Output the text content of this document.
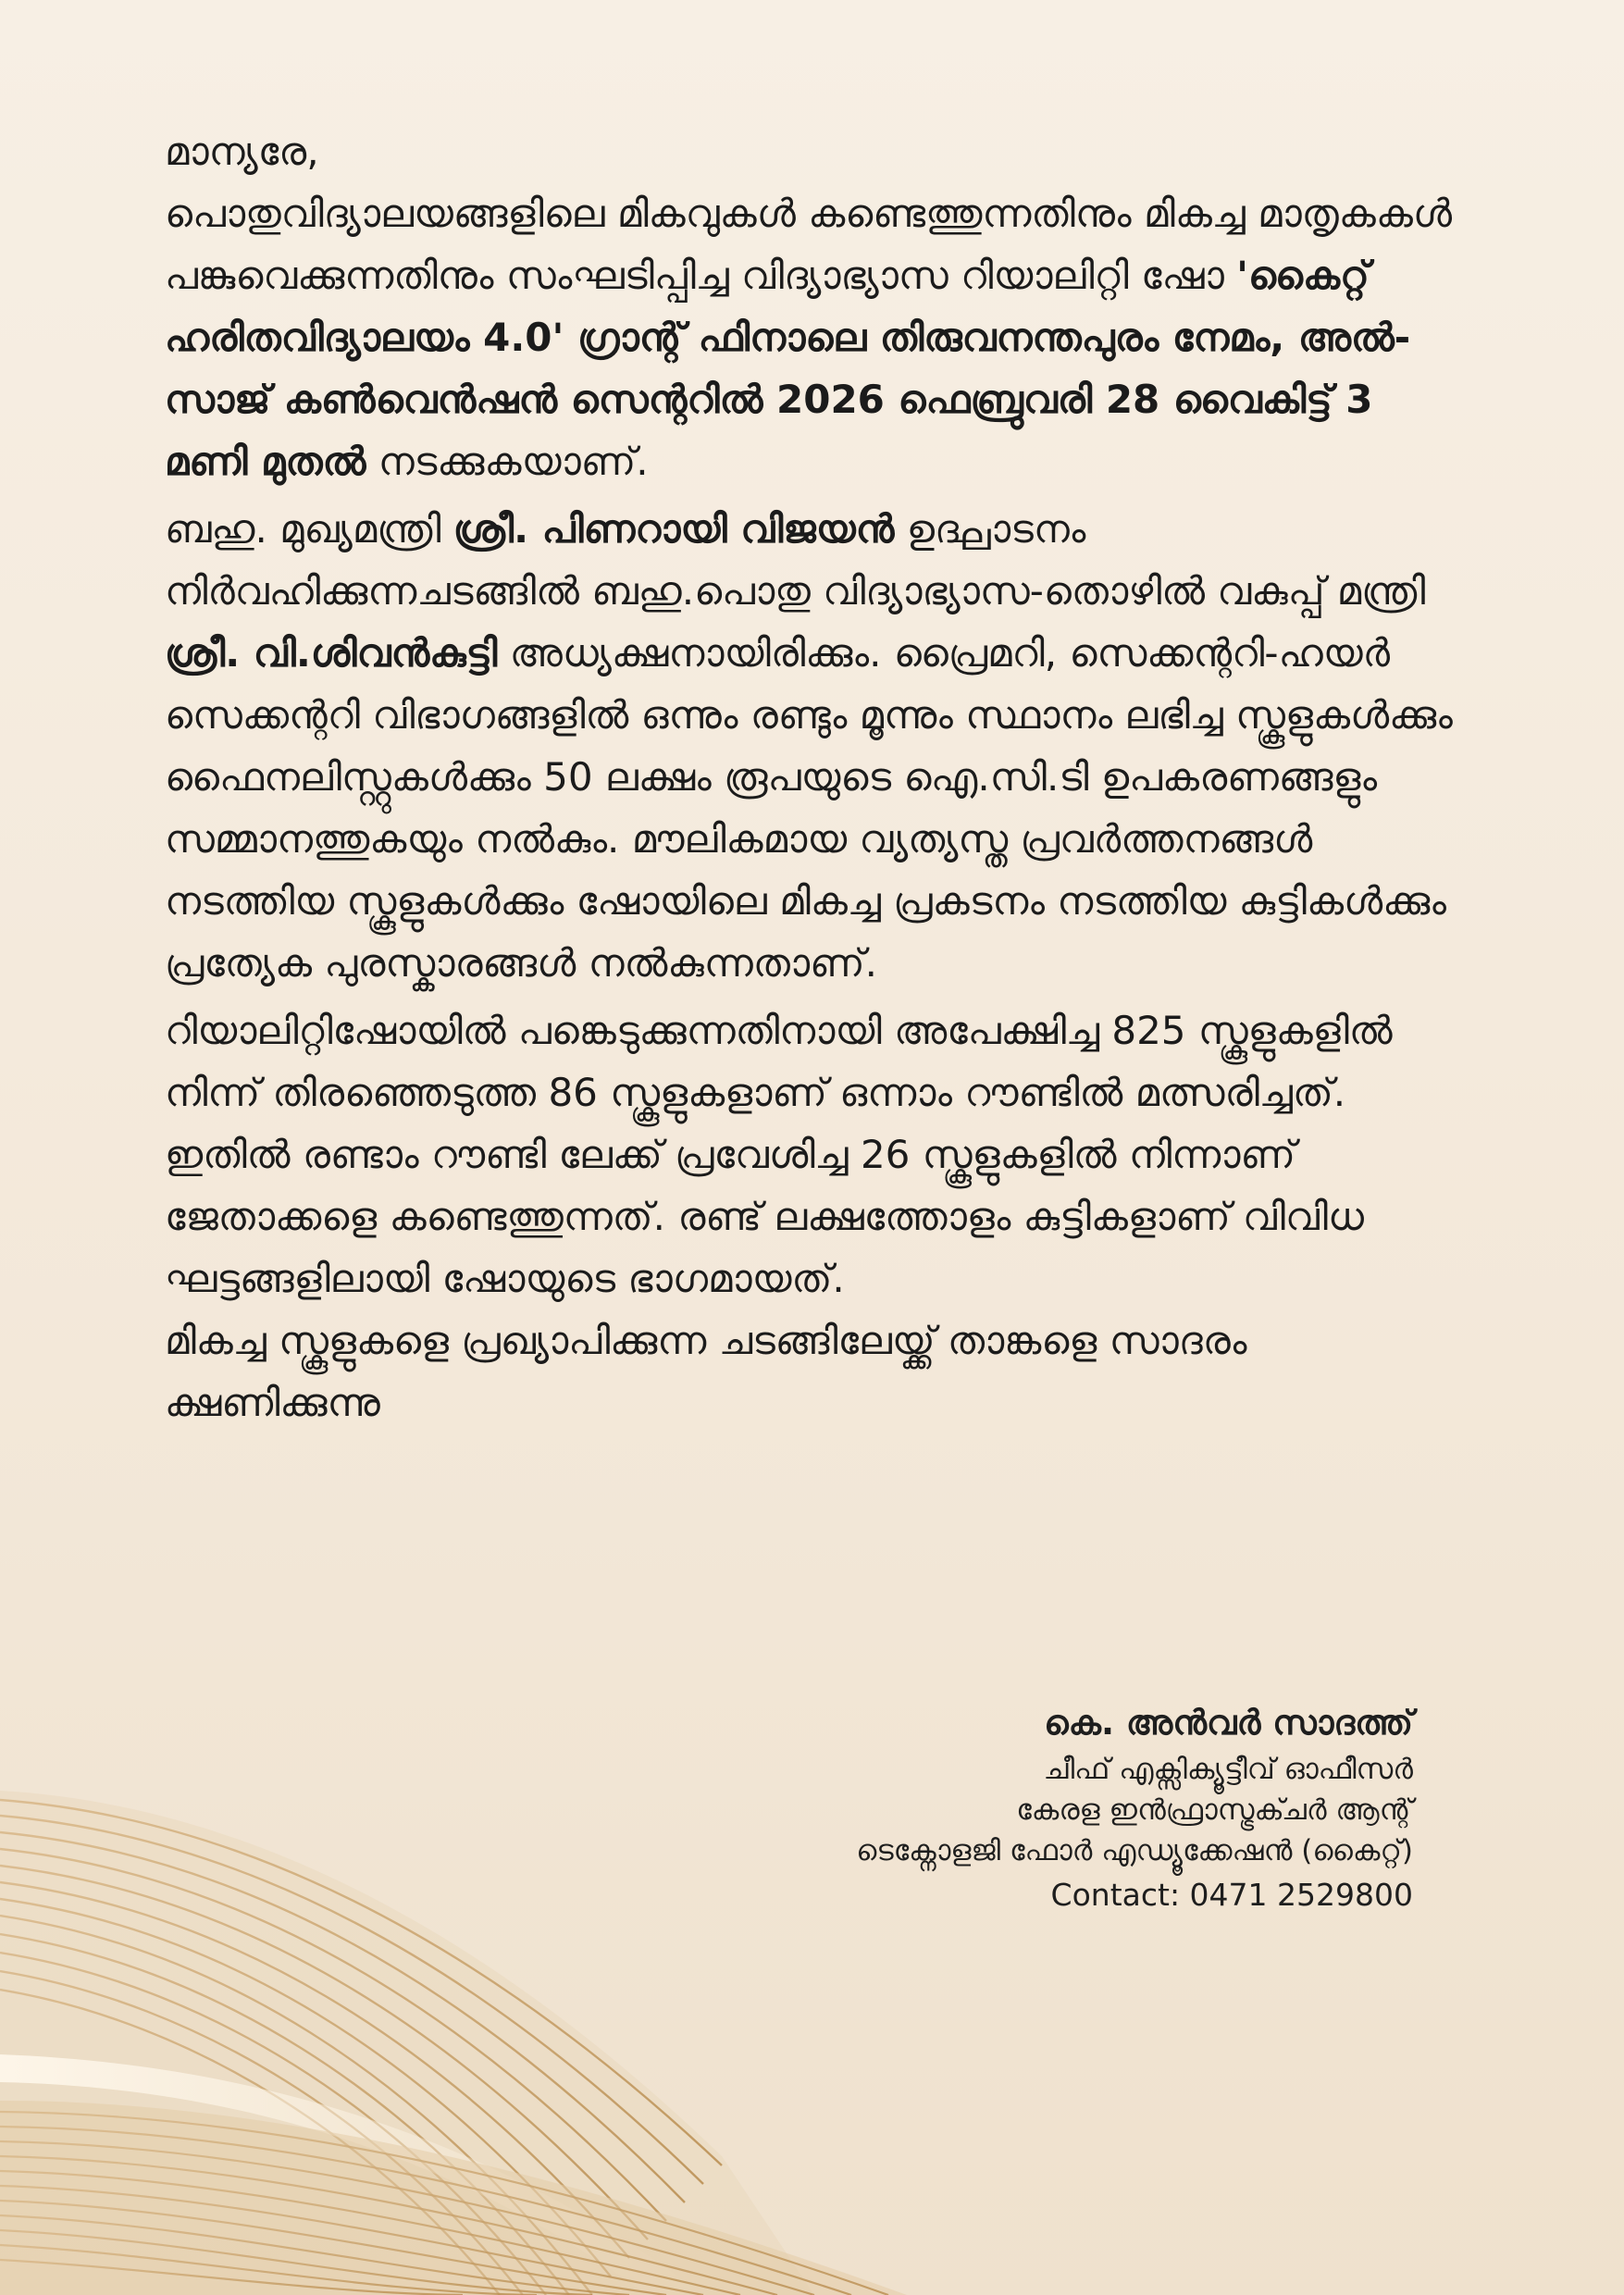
മാന്യരേ,

പൊതുവിദ്യാലയങ്ങളിലെ മികവുകൾ കണ്ടെത്തുന്നതിനും മികച്ച മാതൃകകൾ പങ്കുവെക്കുന്നതിനും സംഘടിപ്പിച്ച വിദ്യാഭ്യാസ റിയാലിറ്റി ഷോ 'കൈറ്റ് ഹരിതവിദ്യാലയം 4.0' ഗ്രാന്റ് ഫിനാലെ തിരുവനന്തപുരം നേമം, അൽ-സാജ് കൺവെൻഷൻ സെന്ററിൽ 2026 ഫെബ്രുവരി 28 വൈകിട്ട് 3 മണി മുതൽ നടക്കുകയാണ്.

ബഹു. മുഖ്യമന്ത്രി ശ്രീ. പിണറായി വിജയൻ ഉദ്ഘാടനം നിർവഹിക്കുന്നചടങ്ങിൽ ബഹു.പൊതു വിദ്യാഭ്യാസ-തൊഴിൽ വകുപ്പ് മന്ത്രി ശ്രീ. വി.ശിവൻകുട്ടി അധ്യക്ഷനായിരിക്കും. പ്രൈമറി, സെക്കന്ററി-ഹയർ സെക്കന്ററി വിഭാഗങ്ങളിൽ ഒന്നും രണ്ടും മൂന്നും സ്ഥാനം ലഭിച്ച സ്കൂളുകൾക്കും ഫൈനലിസ്റ്റുകൾക്കും 50 ലക്ഷം രൂപയുടെ ഐ.സി.ടി ഉപകരണങ്ങളും സമ്മാനത്തുകയും നൽകും. മൗലികമായ വ്യത്യസ്ത പ്രവർത്തനങ്ങൾ നടത്തിയ സ്കൂളുകൾക്കും ഷോയിലെ മികച്ച പ്രകടനം നടത്തിയ കുട്ടികൾക്കും പ്രത്യേക പുരസ്കാരങ്ങൾ നൽകുന്നതാണ്.

റിയാലിറ്റിഷോയിൽ പങ്കെടുക്കുന്നതിനായി അപേക്ഷിച്ച 825 സ്കൂളുകളിൽ നിന്ന് തിരഞ്ഞെടുത്ത 86 സ്കൂളുകളാണ് ഒന്നാം റൗണ്ടിൽ മത്സരിച്ചത്. ഇതിൽ രണ്ടാം റൗണ്ടി ലേക്ക് പ്രവേശിച്ച 26 സ്കൂളുകളിൽ നിന്നാണ് ജേതാക്കളെ കണ്ടെത്തുന്നത്. രണ്ട് ലക്ഷത്തോളം കുട്ടികളാണ് വിവിധ ഘട്ടങ്ങളിലായി ഷോയുടെ ഭാഗമായത്.

മികച്ച സ്കൂളുകളെ പ്രഖ്യാപിക്കുന്ന ചടങ്ങിലേയ്ക്ക് താങ്കളെ സാദരം ക്ഷണിക്കുന്നു

കെ. അൻവർ സാദത്ത്
ചീഫ് എക്സിക്യൂട്ടീവ് ഓഫീസർ
കേരള ഇൻഫ്രാസ്ട്രക്ചർ ആന്റ്
ടെക്നോളജി ഫോർ എഡ്യൂക്കേഷൻ (കൈറ്റ്)
Contact: 0471 2529800
